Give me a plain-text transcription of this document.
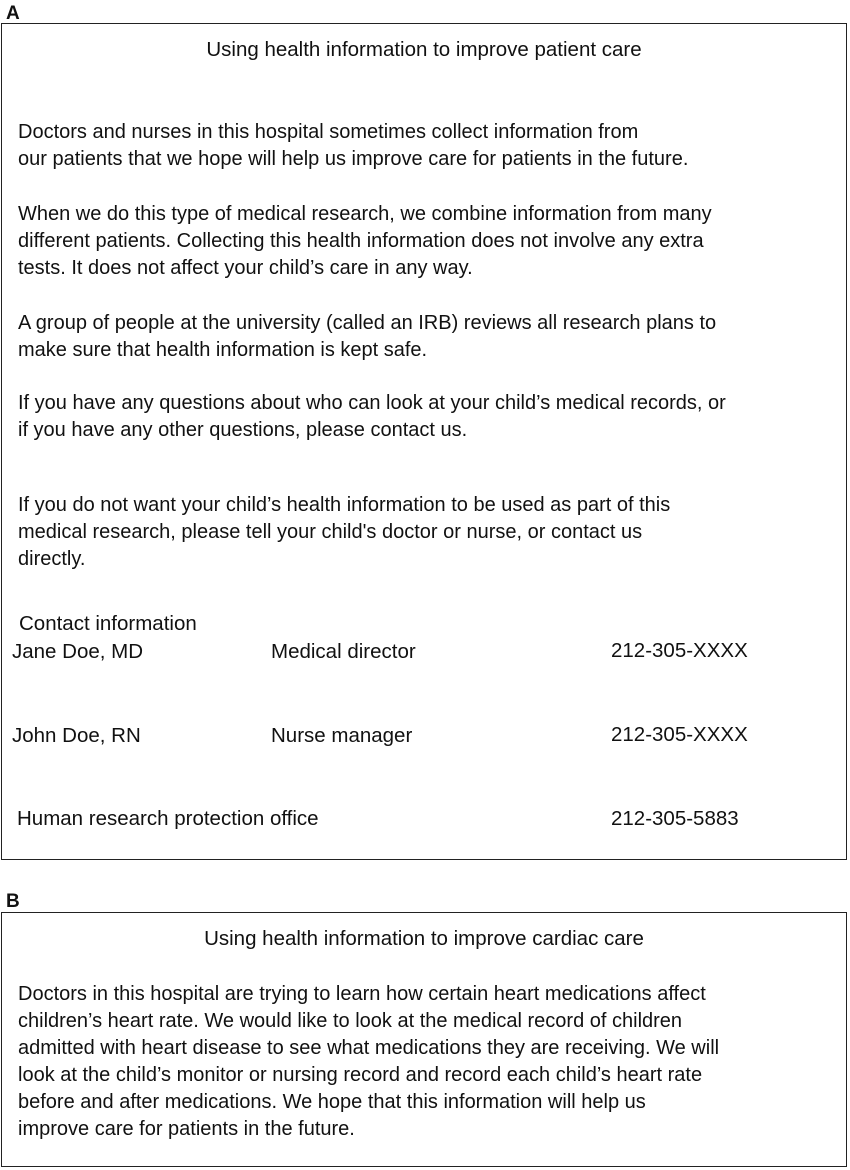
A
Using health information to improve patient care
Doctors and nurses in this hospital sometimes collect information from
our patients that we hope will help us improve care for patients in the future.
When we do this type of medical research, we combine information from many
different patients. Collecting this health information does not involve any extra
tests. It does not affect your child’s care in any way.
A group of people at the university (called an IRB) reviews all research plans to
make sure that health information is kept safe.
If you have any questions about who can look at your child’s medical records, or
if you have any other questions, please contact us.
If you do not want your child’s health information to be used as part of this
medical research, please tell your child's doctor or nurse, or contact us
directly.
Contact information
Jane Doe, MD	Medical director	212-305-XXXX
John Doe, RN	Nurse manager	212-305-XXXX
Human research protection office	212-305-5883
B
Using health information to improve cardiac care
Doctors in this hospital are trying to learn how certain heart medications affect
children’s heart rate. We would like to look at the medical record of children
admitted with heart disease to see what medications they are receiving. We will
look at the child’s monitor or nursing record and record each child’s heart rate
before and after medications. We hope that this information will help us
improve care for patients in the future.
